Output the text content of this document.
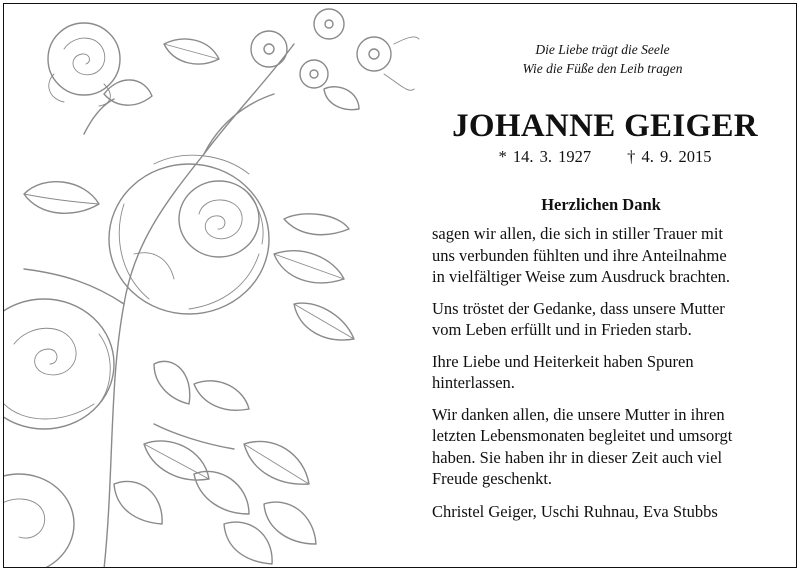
Die Liebe trägt die Seele
Wie die Füße den Leib tragen
JOHANNE GEIGER
* 14. 3. 1927 † 4. 9. 2015
Herzlichen Dank
sagen wir allen, die sich in stiller Trauer mit
uns verbunden fühlten und ihre Anteilnahme
in vielfältiger Weise zum Ausdruck brachten.
Uns tröstet der Gedanke, dass unsere Mutter
vom Leben erfüllt und in Frieden starb.
Ihre Liebe und Heiterkeit haben Spuren
hinterlassen.
Wir danken allen, die unsere Mutter in ihren
letzten Lebensmonaten begleitet und umsorgt
haben. Sie haben ihr in dieser Zeit auch viel
Freude geschenkt.
Christel Geiger, Uschi Ruhnau, Eva Stubbs
